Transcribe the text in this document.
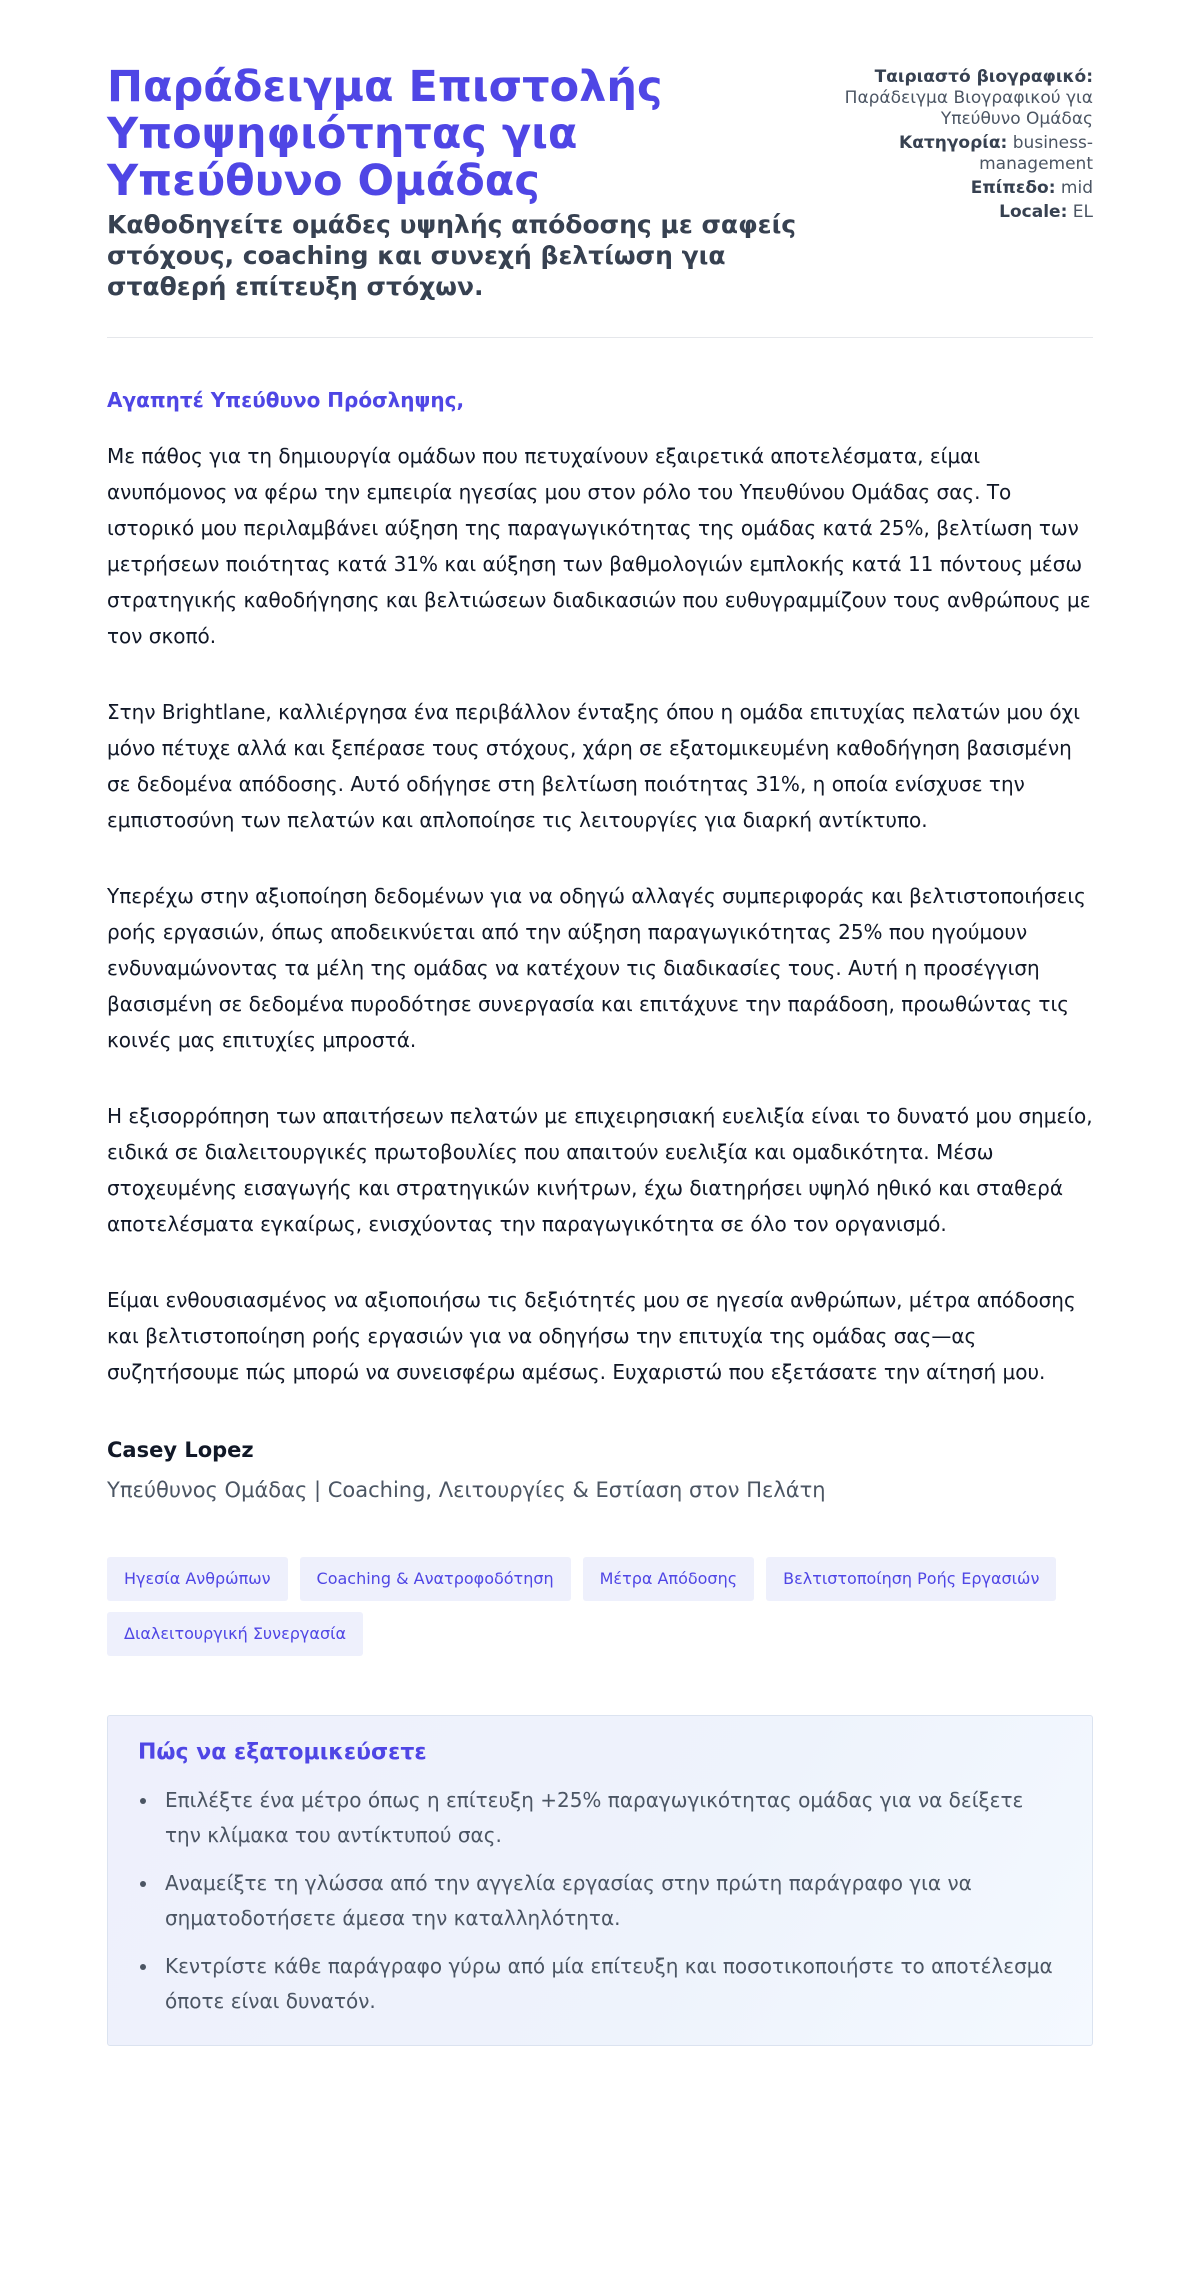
Παράδειγμα Επιστολής Υποψηφιότητας για Υπεύθυνο Ομάδας
Καθοδηγείτε ομάδες υψηλής απόδοσης με σαφείς στόχους, coaching και συνεχή βελτίωση για σταθερή επίτευξη στόχων.
Ταιριαστό βιογραφικό:
Παράδειγμα Βιογραφικού για Υπεύθυνο Ομάδας
Κατηγορία: business-management
Επίπεδο: mid
Locale: EL
Αγαπητέ Υπεύθυνο Πρόσληψης,

Με πάθος για τη δημιουργία ομάδων που πετυχαίνουν εξαιρετικά αποτελέσματα, είμαι ανυπόμονος να φέρω την εμπειρία ηγεσίας μου στον ρόλο του Υπευθύνου Ομάδας σας. Το ιστορικό μου περιλαμβάνει αύξηση της παραγωγικότητας της ομάδας κατά 25%, βελτίωση των μετρήσεων ποιότητας κατά 31% και αύξηση των βαθμολογιών εμπλοκής κατά 11 πόντους μέσω στρατηγικής καθοδήγησης και βελτιώσεων διαδικασιών που ευθυγραμμίζουν τους ανθρώπους με τον σκοπό.

Στην Brightlane, καλλιέργησα ένα περιβάλλον ένταξης όπου η ομάδα επιτυχίας πελατών μου όχι μόνο πέτυχε αλλά και ξεπέρασε τους στόχους, χάρη σε εξατομικευμένη καθοδήγηση βασισμένη σε δεδομένα απόδοσης. Αυτό οδήγησε στη βελτίωση ποιότητας 31%, η οποία ενίσχυσε την εμπιστοσύνη των πελατών και απλοποίησε τις λειτουργίες για διαρκή αντίκτυπο.

Υπερέχω στην αξιοποίηση δεδομένων για να οδηγώ αλλαγές συμπεριφοράς και βελτιστοποιήσεις ροής εργασιών, όπως αποδεικνύεται από την αύξηση παραγωγικότητας 25% που ηγούμουν ενδυναμώνοντας τα μέλη της ομάδας να κατέχουν τις διαδικασίες τους. Αυτή η προσέγγιση βασισμένη σε δεδομένα πυροδότησε συνεργασία και επιτάχυνε την παράδοση, προωθώντας τις κοινές μας επιτυχίες μπροστά.

Η εξισορρόπηση των απαιτήσεων πελατών με επιχειρησιακή ευελιξία είναι το δυνατό μου σημείο, ειδικά σε διαλειτουργικές πρωτοβουλίες που απαιτούν ευελιξία και ομαδικότητα. Μέσω στοχευμένης εισαγωγής και στρατηγικών κινήτρων, έχω διατηρήσει υψηλό ηθικό και σταθερά αποτελέσματα εγκαίρως, ενισχύοντας την παραγωγικότητα σε όλο τον οργανισμό.

Είμαι ενθουσιασμένος να αξιοποιήσω τις δεξιότητές μου σε ηγεσία ανθρώπων, μέτρα απόδοσης και βελτιστοποίηση ροής εργασιών για να οδηγήσω την επιτυχία της ομάδας σας—ας συζητήσουμε πώς μπορώ να συνεισφέρω αμέσως. Ευχαριστώ που εξετάσατε την αίτησή μου.

Casey Lopez
Υπεύθυνος Ομάδας | Coaching, Λειτουργίες & Εστίαση στον Πελάτη
Ηγεσία Ανθρώπων	Coaching & Ανατροφοδότηση	Μέτρα Απόδοσης	Βελτιστοποίηση Ροής Εργασιών
Διαλειτουργική Συνεργασία
Πώς να εξατομικεύσετε
Επιλέξτε ένα μέτρο όπως η επίτευξη +25% παραγωγικότητας ομάδας για να δείξετε την κλίμακα του αντίκτυπού σας.
Αναμείξτε τη γλώσσα από την αγγελία εργασίας στην πρώτη παράγραφο για να σηματοδοτήσετε άμεσα την καταλληλότητα.
Κεντρίστε κάθε παράγραφο γύρω από μία επίτευξη και ποσοτικοποιήστε το αποτέλεσμα όποτε είναι δυνατόν.
